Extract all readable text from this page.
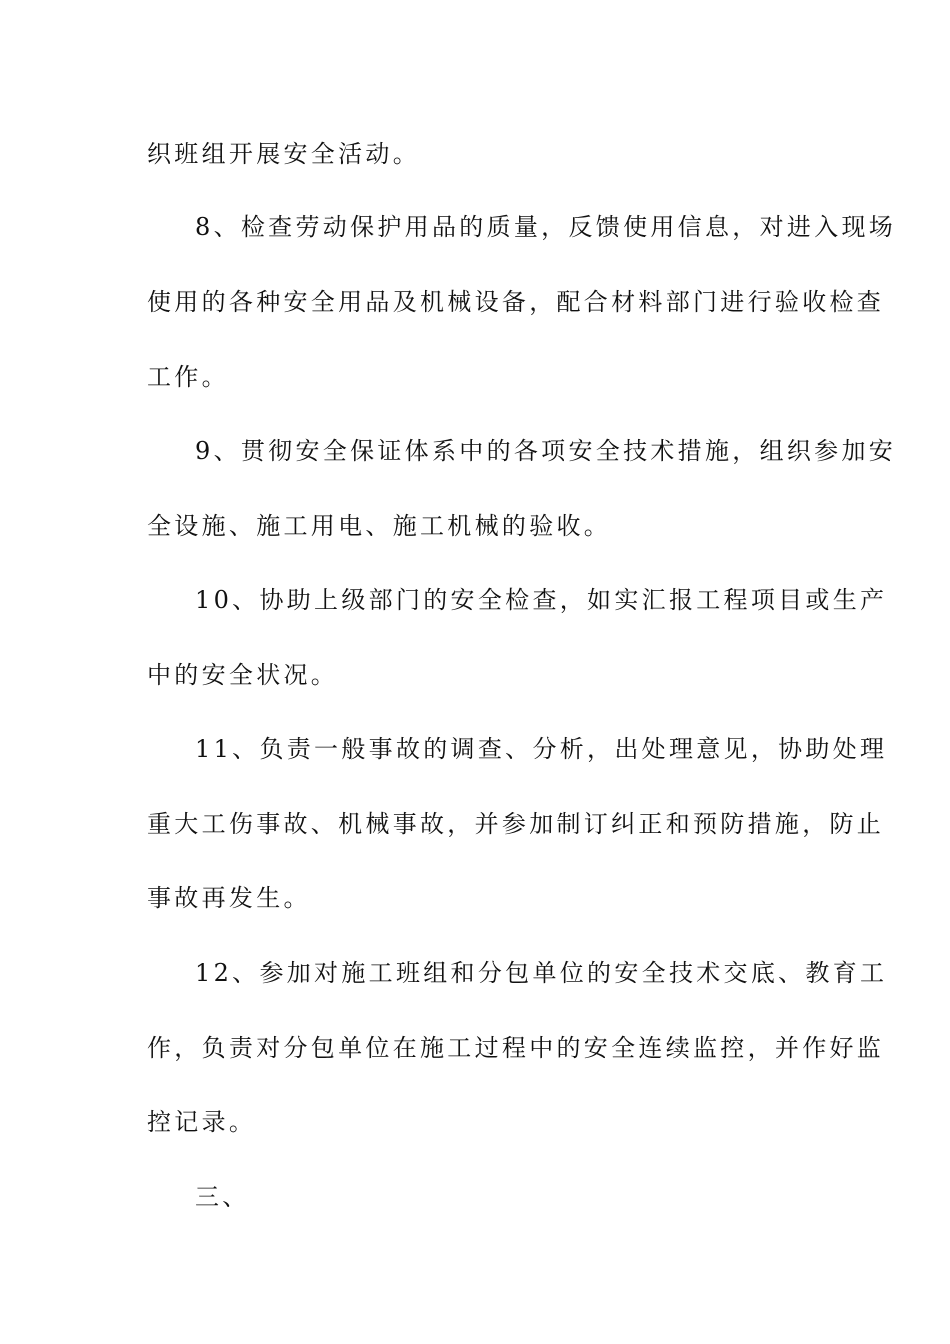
织班组开展安全活动。
8、检查劳动保护用品的质量，反馈使用信息，对进入现场
使用的各种安全用品及机械设备，配合材料部门进行验收检查
工作。
9、贯彻安全保证体系中的各项安全技术措施，组织参加安
全设施、施工用电、施工机械的验收。
10、协助上级部门的安全检查，如实汇报工程项目或生产
中的安全状况。
11、负责一般事故的调查、分析，出处理意见，协助处理
重大工伤事故、机械事故，并参加制订纠正和预防措施，防止
事故再发生。
12、参加对施工班组和分包单位的安全技术交底、教育工
作，负责对分包单位在施工过程中的安全连续监控，并作好监
控记录。
三、
